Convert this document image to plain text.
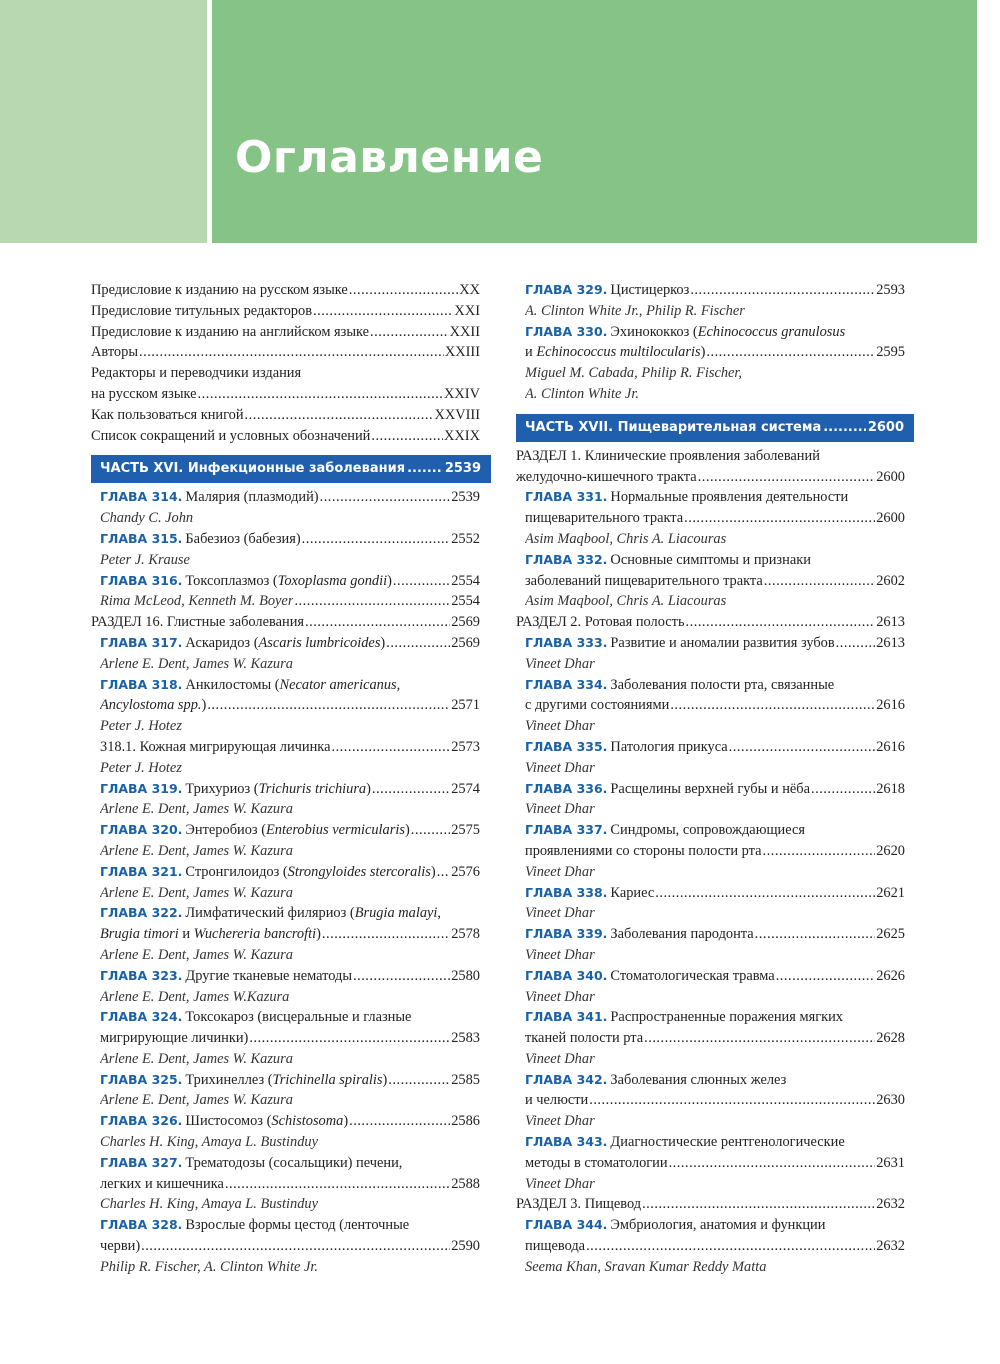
Оглавление
Предисловие к изданию на русском языке .....	XX
Предисловие титульных редакторов .....	XXI
Предисловие к изданию на английском языке .....	XXII
Авторы .....	XXIII
Редакторы и переводчики издания
на русском языке .....	XXIV
Как пользоваться книгой .....	XXVIII
Список сокращений и условных обозначений .....	XXIX
ЧАСТЬ XVI.
Инфекционные заболевания .....	2539
ГЛАВА 314. Малярия (плазмодий) .....	2539
Chandy C. John
ГЛАВА 315. Бабезиоз (бабезия) .....	2552
Peter J. Krause
ГЛАВА 316. Токсоплазмоз (Toxoplasma gondii) .....	2554
Rima McLeod, Kenneth M. Boyer .....	2554
РАЗДЕЛ 16. Глистные заболевания .....	2569
ГЛАВА 317. Аскаридоз (Ascaris lumbricoides) .....	2569
Arlene E. Dent, James W. Kazura
ГЛАВА 318. Анкилостомы (Necator americanus,
Ancylostoma spp.) .....	2571
Peter J. Hotez
318.1. Кожная мигрирующая личинка .....	2573
Peter J. Hotez
ГЛАВА 319. Трихуриоз (Trichuris trichiura) .....	2574
Arlene E. Dent, James W. Kazura
ГЛАВА 320. Энтеробиоз (Enterobius vermicularis) .....	2575
Arlene E. Dent, James W. Kazura
ГЛАВА 321. Стронгилоидоз (Strongyloides stercoralis) ..... 2576
Arlene E. Dent, James W. Kazura
ГЛАВА 322. Лимфатический филяриоз (Brugia malayi,
Brugia timori и Wuchereria bancrofti) .....	2578
Arlene E. Dent, James W. Kazura
ГЛАВА 323. Другие тканевые нематоды .....	2580
Arlene E. Dent, James W.Kazura
ГЛАВА 324. Токсокароз (висцеральные и глазные
мигрирующие личинки) .....	2583
Arlene E. Dent, James W. Kazura
ГЛАВА 325. Трихинеллез (Trichinella spiralis) .....	2585
Arlene E. Dent, James W. Kazura
ГЛАВА 326. Шистосомоз (Schistosoma) .....	2586
Charles H. King, Amaya L. Bustinduy
ГЛАВА 327. Трематодозы (сосальщики) печени,
легких и кишечника .....	2588
Charles H. King, Amaya L. Bustinduy
ГЛАВА 328. Взрослые формы цестод (ленточные
черви) .....	2590
Philip R. Fischer, A. Clinton White Jr.
ГЛАВА 329. Цистицеркоз .....	2593
A. Clinton White Jr., Philip R. Fischer
ГЛАВА 330. Эхинококкоз (Echinococcus granulosus
и Echinococcus multilocularis) .....	2595
Miguel M. Cabada, Philip R. Fischer,
A. Clinton White Jr.
ЧАСТЬ XVII.
Пищеварительная система .....	2600
РАЗДЕЛ 1. Клинические проявления заболеваний
желудочно-кишечного тракта .....	2600
ГЛАВА 331. Нормальные проявления деятельности
пищеварительного тракта .....	2600
Asim Maqbool, Chris A. Liacouras
ГЛАВА 332. Основные симптомы и признаки
заболеваний пищеварительного тракта .....	2602
Asim Maqbool, Chris A. Liacouras
РАЗДЕЛ 2. Ротовая полость .....	2613
ГЛАВА 333. Развитие и аномалии развития зубов .....	2613
Vineet Dhar
ГЛАВА 334. Заболевания полости рта, связанные
с другими состояниями .....	2616
Vineet Dhar
ГЛАВА 335. Патология прикуса .....	2616
Vineet Dhar
ГЛАВА 336. Расщелины верхней губы и нёба .....	2618
Vineet Dhar
ГЛАВА 337. Синдромы, сопровождающиеся
проявлениями со стороны полости рта .....	2620
Vineet Dhar
ГЛАВА 338. Кариес .....	2621
Vineet Dhar
ГЛАВА 339. Заболевания пародонта .....	2625
Vineet Dhar
ГЛАВА 340. Стоматологическая травма .....	2626
Vineet Dhar
ГЛАВА 341. Распространенные поражения мягких
тканей полости рта .....	2628
Vineet Dhar
ГЛАВА 342. Заболевания слюнных желез
и челюсти .....	2630
Vineet Dhar
ГЛАВА 343. Диагностические рентгенологические
методы в стоматологии .....	2631
Vineet Dhar
РАЗДЕЛ 3. Пищевод .....	2632
ГЛАВА 344. Эмбриология, анатомия и функции
пищевода .....	2632
Seema Khan, Sravan Kumar Reddy Matta
